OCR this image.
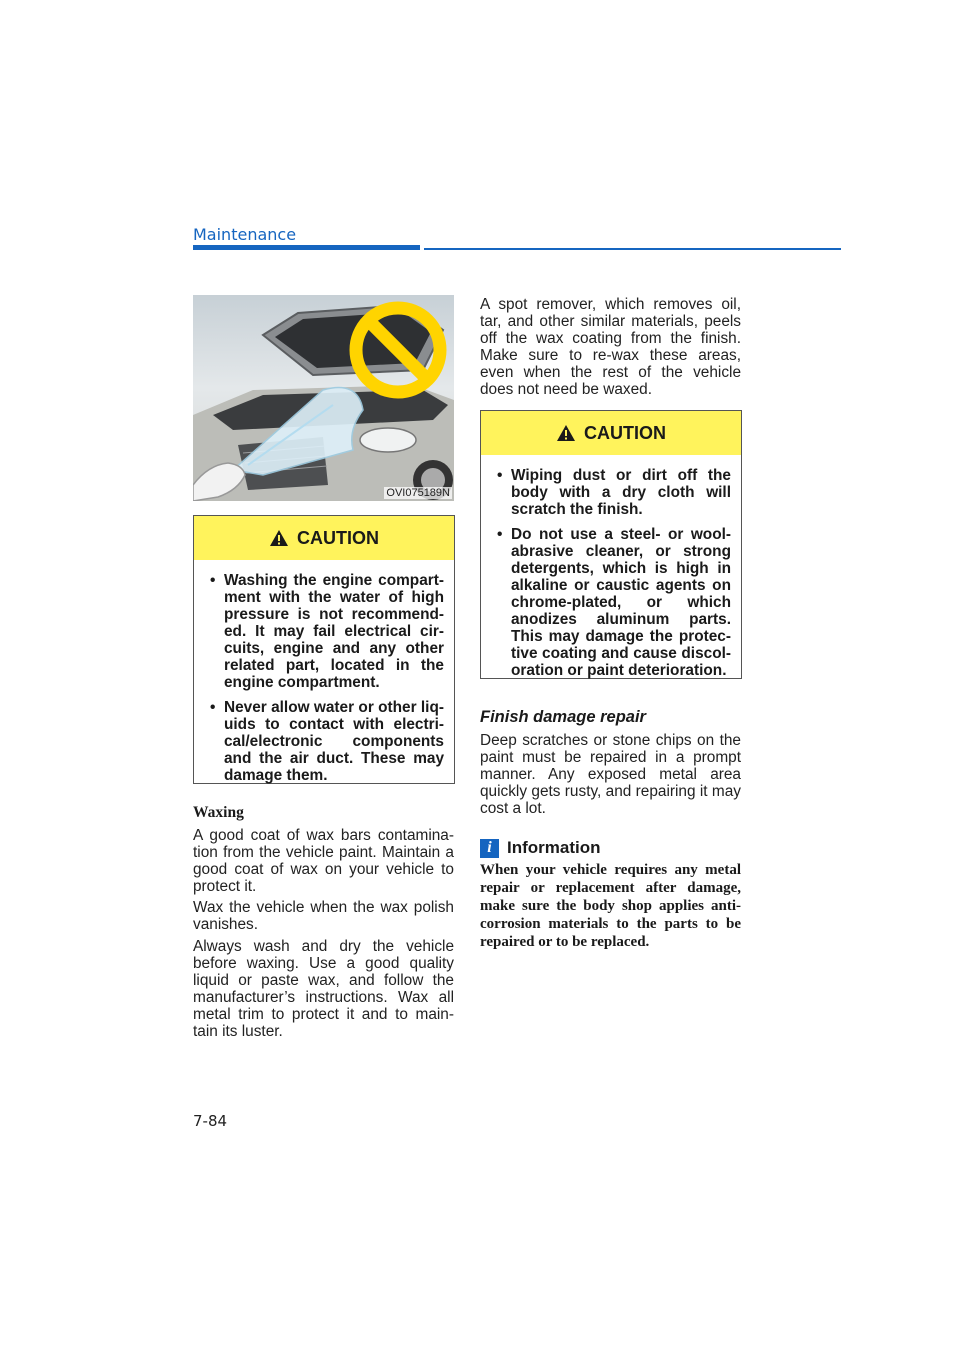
Maintenance
OVI075189N
CAUTION
• Washing the engine compart-ment with the water of high pressure is not recommend-ed. It may fail electrical cir-cuits, engine and any other related part, located in the engine compartment.
• Never allow water or other liq-uids to contact with electri-cal/electronic components and the air duct. These may damage them.
Waxing

A good coat of wax bars contamina-tion from the vehicle paint. Maintain a good coat of wax on your vehicle to protect it.

Wax the vehicle when the wax polish vanishes.

Always wash and dry the vehicle before waxing. Use a good quality liquid or paste wax, and follow the manufacturer’s instructions. Wax all metal trim to protect it and to main-tain its luster.

A spot remover, which removes oil, tar, and other similar materials, peels off the wax coating from the finish. Make sure to re-wax these areas, even when the rest of the vehicle does not need be waxed.

CAUTION
• Wiping dust or dirt off the body with a dry cloth will scratch the finish.
• Do not use a steel- or wool-abrasive cleaner, or strong detergents, which is high in alkaline or caustic agents on chrome-plated, or which anodizes aluminum parts. This may damage the protec-tive coating and cause discol-oration or paint deterioration.
Finish damage repair

Deep scratches or stone chips on the paint must be repaired in a prompt manner. Any exposed metal area quickly gets rusty, and repairing it may cost a lot.

i Information

When your vehicle requires any metal repair or replacement after damage, make sure the body shop applies anti-corrosion materials to the parts to be repaired or to be replaced.

7-84
